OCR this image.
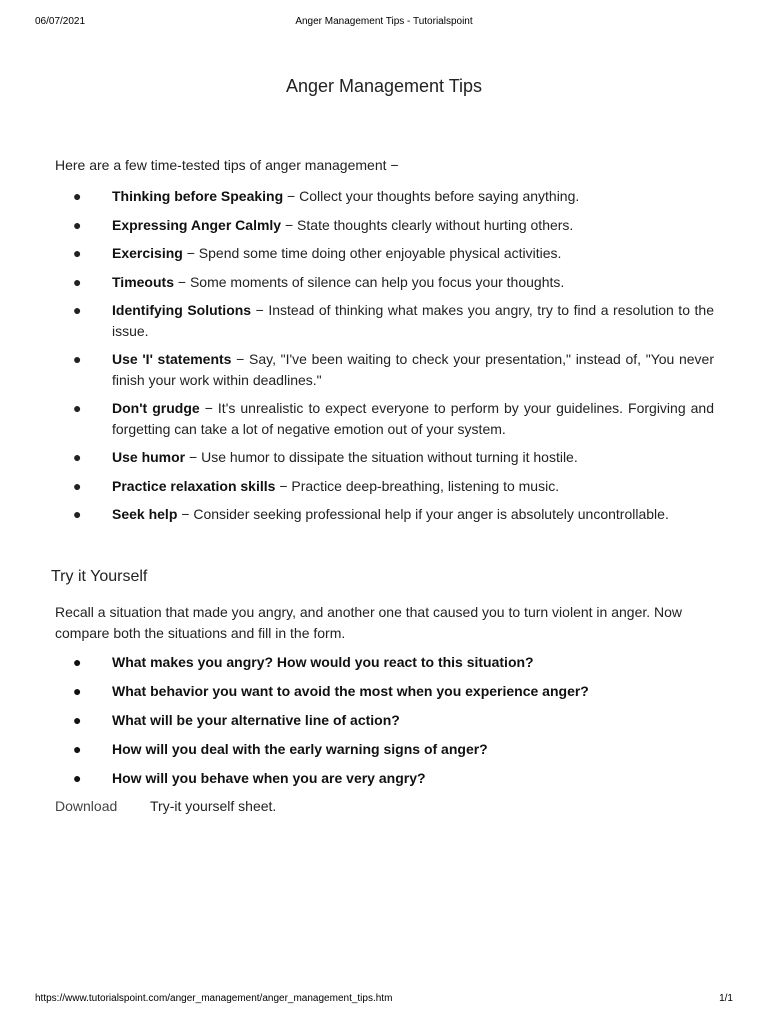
06/07/2021	Anger Management Tips - Tutorialspoint
Anger Management Tips

Here are a few time-tested tips of anger management −

● Thinking before Speaking − Collect your thoughts before saying anything.
● Expressing Anger Calmly − State thoughts clearly without hurting others.
● Exercising − Spend some time doing other enjoyable physical activities.
● Timeouts − Some moments of silence can help you focus your thoughts.
● Identifying Solutions − Instead of thinking what makes you angry, try to find a resolution to the issue.
● Use 'I' statements − Say, "I've been waiting to check your presentation," instead of, "You never finish your work within deadlines."
● Don't grudge − It's unrealistic to expect everyone to perform by your guidelines. Forgiving and forgetting can take a lot of negative emotion out of your system.
● Use humor − Use humor to dissipate the situation without turning it hostile.
● Practice relaxation skills − Practice deep-breathing, listening to music.
● Seek help − Consider seeking professional help if your anger is absolutely uncontrollable.
Try it Yourself

Recall a situation that made you angry, and another one that caused you to turn violent in anger. Now compare both the situations and fill in the form.

● What makes you angry? How would you react to this situation?
● What behavior you want to avoid the most when you experience anger?
● What will be your alternative line of action?
● How will you deal with the early warning signs of anger?
● How will you behave when you are very angry?
Download Try-it yourself sheet.
https://www.tutorialspoint.com/anger_management/anger_management_tips.htm	1/1
